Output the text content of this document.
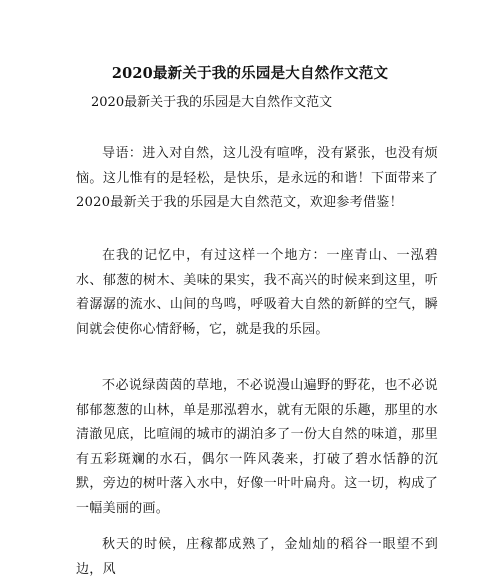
2020最新关于我的乐园是大自然作文范文

2020最新关于我的乐园是大自然作文范文

导语：进入对自然，这儿没有喧哗，没有紧张，也没有烦恼。这儿惟有的是轻松，是快乐，是永远的和谐！下面带来了2020最新关于我的乐园是大自然范文，欢迎参考借鉴！

在我的记忆中，有过这样一个地方：一座青山、一泓碧水、郁葱的树木、美味的果实，我不高兴的时候来到这里，听着潺潺的流水、山间的鸟鸣，呼吸着大自然的新鲜的空气，瞬间就会使你心情舒畅，它，就是我的乐园。

不必说绿茵茵的草地，不必说漫山遍野的野花，也不必说郁郁葱葱的山林，单是那泓碧水，就有无限的乐趣，那里的水清澈见底，比喧闹的城市的湖泊多了一份大自然的味道，那里有五彩斑斓的水石，偶尔一阵风袭来，打破了碧水恬静的沉默，旁边的树叶落入水中，好像一叶叶扁舟。这一切，构成了一幅美丽的画。

秋天的时候，庄稼都成熟了，金灿灿的稻谷一眼望不到边，风
